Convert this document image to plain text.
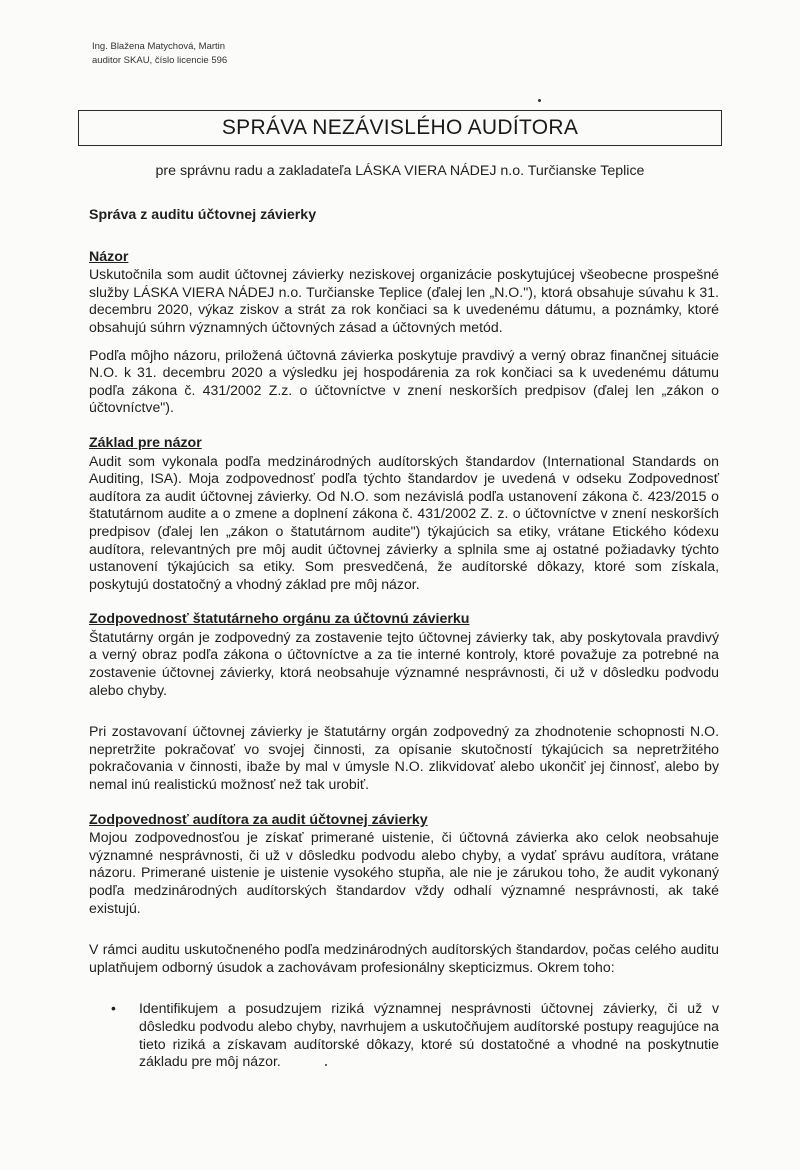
Ing. Blažena Matychová, Martin
auditor SKAU, číslo licencie 596
SPRÁVA NEZÁVISLÉHO AUDÍTORA
pre správnu radu a zakladateľa LÁSKA VIERA NÁDEJ n.o. Turčianske Teplice
Správa z auditu účtovnej závierky
Názor

Uskutočnila som audit účtovnej závierky neziskovej organizácie poskytujúcej všeobecne prospešné služby LÁSKA VIERA NÁDEJ n.o. Turčianske Teplice (ďalej len „N.O."), ktorá obsahuje súvahu k 31. decembru 2020, výkaz ziskov a strát za rok končiaci sa k uvedenému dátumu, a poznámky, ktoré obsahujú súhrn významných účtovných zásad a účtovných metód.

Podľa môjho názoru, priložená účtovná závierka poskytuje pravdivý a verný obraz finančnej situácie N.O. k 31. decembru 2020 a výsledku jej hospodárenia za rok končiaci sa k uvedenému dátumu podľa zákona č. 431/2002 Z.z. o účtovníctve v znení neskorších predpisov (ďalej len „zákon o účtovníctve").

Základ pre názor

Audit som vykonala podľa medzinárodných audítorských štandardov (International Standards on Auditing, ISA). Moja zodpovednosť podľa týchto štandardov je uvedená v odseku Zodpovednosť audítora za audit účtovnej závierky. Od N.O. som nezávislá podľa ustanovení zákona č. 423/2015 o štatutárnom audite a o zmene a doplnení zákona č. 431/2002 Z. z. o účtovníctve v znení neskorších predpisov (ďalej len „zákon o štatutárnom audite") týkajúcich sa etiky, vrátane Etického kódexu audítora, relevantných pre môj audit účtovnej závierky a splnila sme aj ostatné požiadavky týchto ustanovení týkajúcich sa etiky. Som presvedčená, že audítorské dôkazy, ktoré som získala, poskytujú dostatočný a vhodný základ pre môj názor.

Zodpovednosť štatutárneho orgánu za účtovnú závierku

Štatutárny orgán je zodpovedný za zostavenie tejto účtovnej závierky tak, aby poskytovala pravdivý a verný obraz podľa zákona o účtovníctve a za tie interné kontroly, ktoré považuje za potrebné na zostavenie účtovnej závierky, ktorá neobsahuje významné nesprávnosti, či už v dôsledku podvodu alebo chyby.

Pri zostavovaní účtovnej závierky je štatutárny orgán zodpovedný za zhodnotenie schopnosti N.O. nepretržite pokračovať vo svojej činnosti, za opísanie skutočností týkajúcich sa nepretržitého pokračovania v činnosti, ibaže by mal v úmysle N.O. zlikvidovať alebo ukončiť jej činnosť, alebo by nemal inú realistickú možnosť než tak urobiť.

Zodpovednosť audítora za audit účtovnej závierky

Mojou zodpovednosťou je získať primerané uistenie, či účtovná závierka ako celok neobsahuje významné nesprávnosti, či už v dôsledku podvodu alebo chyby, a vydať správu audítora, vrátane názoru. Primerané uistenie je uistenie vysokého stupňa, ale nie je zárukou toho, že audit vykonaný podľa medzinárodných audítorských štandardov vždy odhalí významné nesprávnosti, ak také existujú.

V rámci auditu uskutočneného podľa medzinárodných audítorských štandardov, počas celého auditu uplatňujem odborný úsudok a zachovávam profesionálny skepticizmus. Okrem toho:

•	Identifikujem a posudzujem riziká významnej nesprávnosti účtovnej závierky, či už v dôsledku podvodu alebo chyby, navrhujem a uskutočňujem audítorské postupy reagujúce na tieto riziká a získavam audítorské dôkazy, ktoré sú dostatočné a vhodné na poskytnutie základu pre môj názor.
